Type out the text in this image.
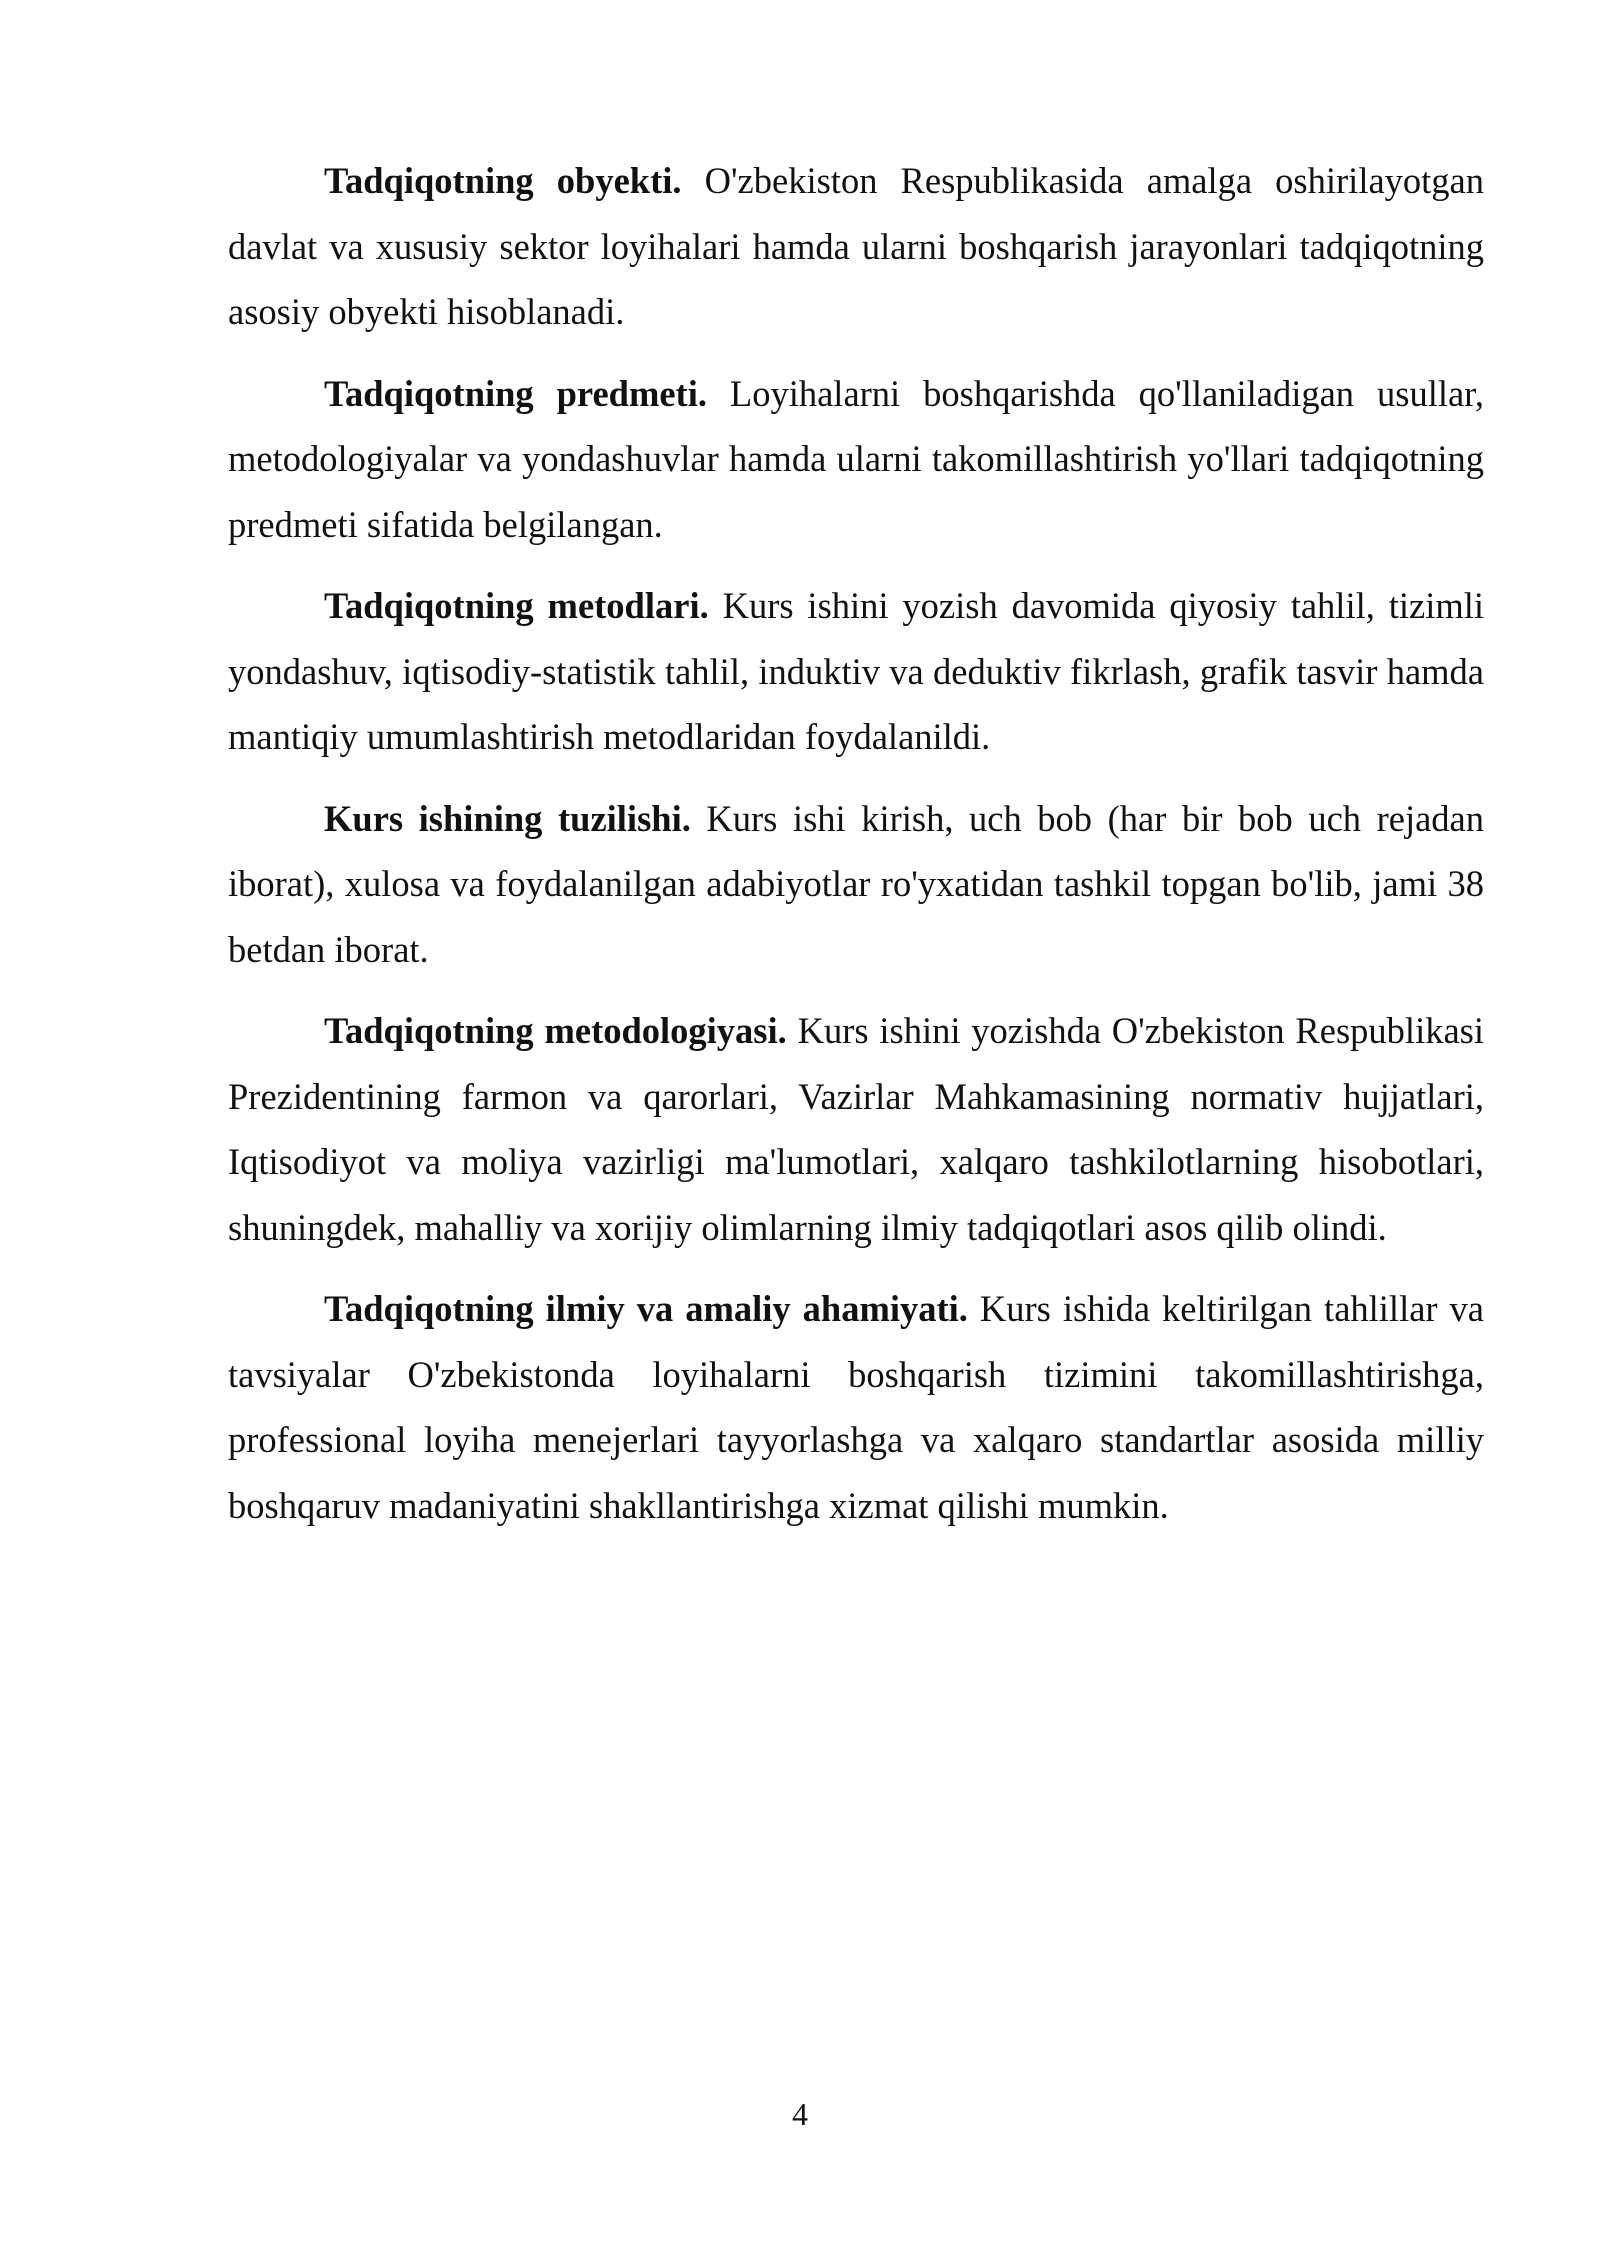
Tadqiqotning obyekti. O'zbekiston Respublikasida amalga oshirilayotgan davlat va xususiy sektor loyihalari hamda ularni boshqarish jarayonlari tadqiqotning asosiy obyekti hisoblanadi.

Tadqiqotning predmeti. Loyihalarni boshqarishda qo'llaniladigan usullar, metodologiyalar va yondashuvlar hamda ularni takomillashtirish yo'llari tadqiqotning predmeti sifatida belgilangan.

Tadqiqotning metodlari. Kurs ishini yozish davomida qiyosiy tahlil, tizimli yondashuv, iqtisodiy-statistik tahlil, induktiv va deduktiv fikrlash, grafik tasvir hamda mantiqiy umumlashtirish metodlaridan foydalanildi.

Kurs ishining tuzilishi. Kurs ishi kirish, uch bob (har bir bob uch rejadan iborat), xulosa va foydalanilgan adabiyotlar ro'yxatidan tashkil topgan bo'lib, jami 38 betdan iborat.

Tadqiqotning metodologiyasi. Kurs ishini yozishda O'zbekiston Respublikasi Prezidentining farmon va qarorlari, Vazirlar Mahkamasining normativ hujjatlari, Iqtisodiyot va moliya vazirligi ma'lumotlari, xalqaro tashkilotlarning hisobotlari, shuningdek, mahalliy va xorijiy olimlarning ilmiy tadqiqotlari asos qilib olindi.

Tadqiqotning ilmiy va amaliy ahamiyati. Kurs ishida keltirilgan tahlillar va tavsiyalar O'zbekistonda loyihalarni boshqarish tizimini takomillashtirishga, professional loyiha menejerlari tayyorlashga va xalqaro standartlar asosida milliy boshqaruv madaniyatini shakllantirishga xizmat qilishi mumkin.

4
